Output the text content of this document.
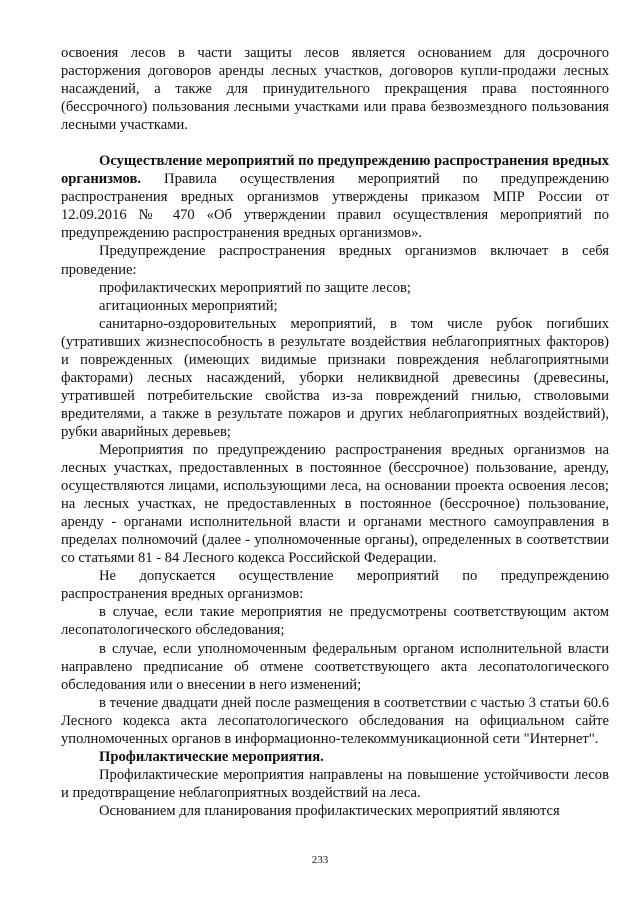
освоения лесов в части защиты лесов является основанием для досрочного расторжения договоров аренды лесных участков, договоров купли-продажи лесных насаждений, а также для принудительного прекращения права постоянного (бессрочного) пользования лесными участками или права безвозмездного пользования лесными участками.

Осуществление мероприятий по предупреждению распространения вредных организмов. Правила осуществления мероприятий по предупреждению распространения вредных организмов утверждены приказом МПР России от 12.09.2016 № 470 «Об утверждении правил осуществления мероприятий по предупреждению распространения вредных организмов».

Предупреждение распространения вредных организмов включает в себя проведение:

профилактических мероприятий по защите лесов;

агитационных мероприятий;

санитарно-оздоровительных мероприятий, в том числе рубок погибших (утративших жизнеспособность в результате воздействия неблагоприятных факторов) и поврежденных (имеющих видимые признаки повреждения неблагоприятными факторами) лесных насаждений, уборки неликвидной древесины (древесины, утратившей потребительские свойства из-за повреждений гнилью, стволовыми вредителями, а также в результате пожаров и других неблагоприятных воздействий), рубки аварийных деревьев;

Мероприятия по предупреждению распространения вредных организмов на лесных участках, предоставленных в постоянное (бессрочное) пользование, аренду, осуществляются лицами, использующими леса, на основании проекта освоения лесов; на лесных участках, не предоставленных в постоянное (бессрочное) пользование, аренду - органами исполнительной власти и органами местного самоуправления в пределах полномочий (далее - уполномоченные органы), определенных в соответствии со статьями 81 - 84 Лесного кодекса Российской Федерации.

Не допускается осуществление мероприятий по предупреждению распространения вредных организмов:

в случае, если такие мероприятия не предусмотрены соответствующим актом лесопатологического обследования;

в случае, если уполномоченным федеральным органом исполнительной власти направлено предписание об отмене соответствующего акта лесопатологического обследования или о внесении в него изменений;

в течение двадцати дней после размещения в соответствии с частью 3 статьи 60.6 Лесного кодекса акта лесопатологического обследования на официальном сайте уполномоченных органов в информационно-телекоммуникационной сети "Интернет".

Профилактические мероприятия.

Профилактические мероприятия направлены на повышение устойчивости лесов и предотвращение неблагоприятных воздействий на леса.

Основанием для планирования профилактических мероприятий являются

233
